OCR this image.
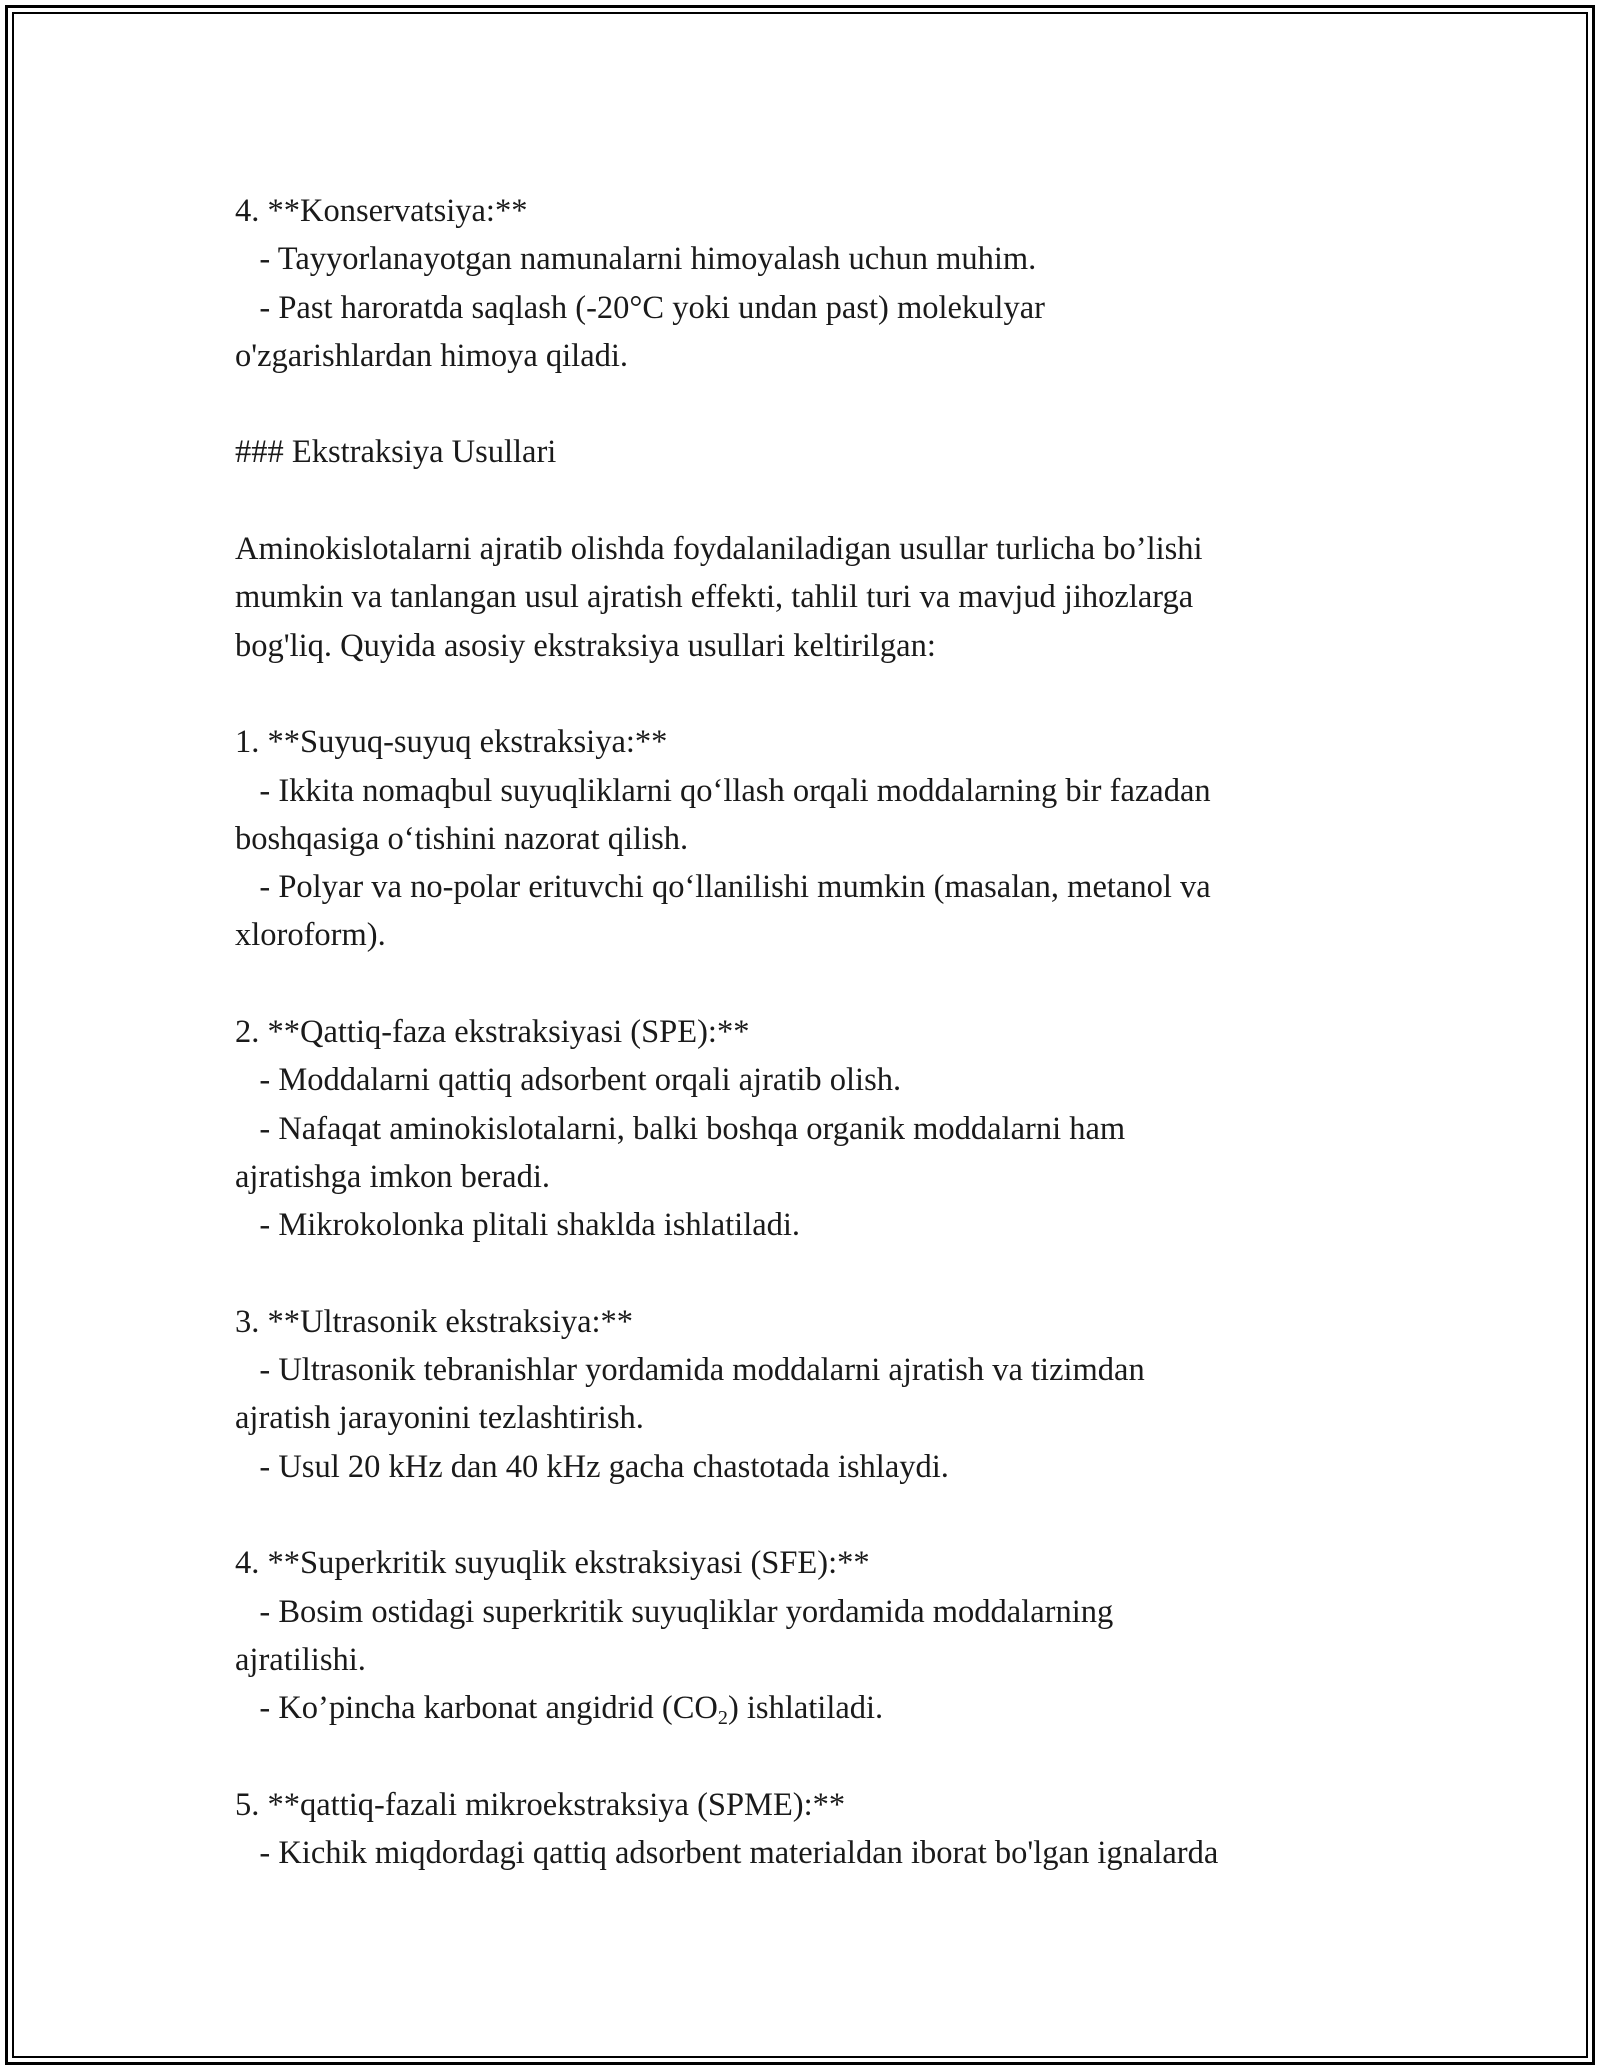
4. **Konservatsiya:**
- Tayyorlanayotgan namunalarni himoyalash uchun muhim.
- Past haroratda saqlash (-20°C yoki undan past) molekulyar
o'zgarishlardan himoya qiladi.
### Ekstraksiya Usullari
Aminokislotalarni ajratib olishda foydalaniladigan usullar turlicha bo’lishi
mumkin va tanlangan usul ajratish effekti, tahlil turi va mavjud jihozlarga
bog'liq. Quyida asosiy ekstraksiya usullari keltirilgan:
1. **Suyuq-suyuq ekstraksiya:**
- Ikkita nomaqbul suyuqliklarni qo‘llash orqali moddalarning bir fazadan
boshqasiga o‘tishini nazorat qilish.
- Polyar va no-polar erituvchi qo‘llanilishi mumkin (masalan, metanol va
xloroform).
2. **Qattiq-faza ekstraksiyasi (SPE):**
- Moddalarni qattiq adsorbent orqali ajratib olish.
- Nafaqat aminokislotalarni, balki boshqa organik moddalarni ham
ajratishga imkon beradi.
- Mikrokolonka plitali shaklda ishlatiladi.
3. **Ultrasonik ekstraksiya:**
- Ultrasonik tebranishlar yordamida moddalarni ajratish va tizimdan
ajratish jarayonini tezlashtirish.
- Usul 20 kHz dan 40 kHz gacha chastotada ishlaydi.
4. **Superkritik suyuqlik ekstraksiyasi (SFE):**
- Bosim ostidagi superkritik suyuqliklar yordamida moddalarning
ajratilishi.
- Ko’pincha karbonat angidrid $(CO_2)$ ishlatiladi.
5. **qattiq-fazali mikroekstraksiya (SPME):**
- Kichik miqdordagi qattiq adsorbent materialdan iborat bo'lgan ignalarda
